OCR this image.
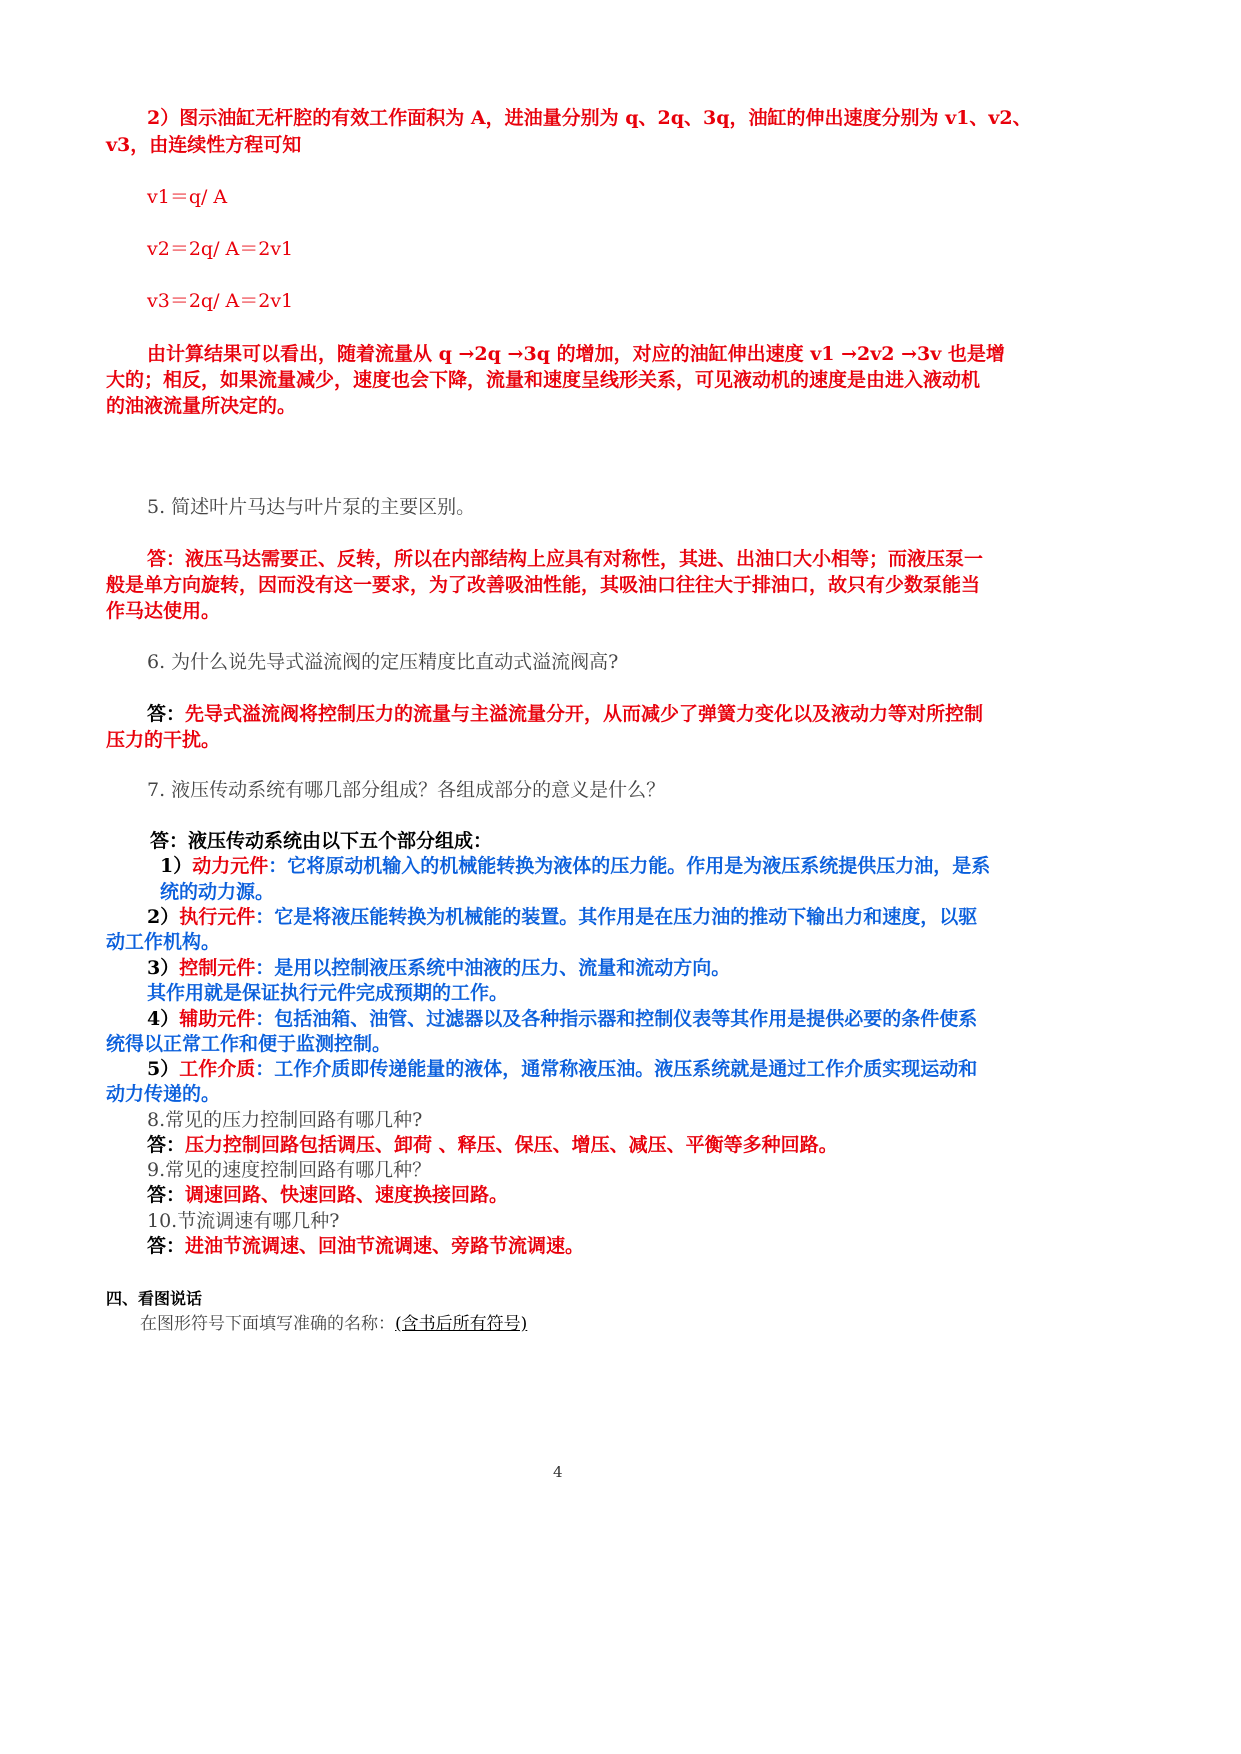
2）图示油缸无杆腔的有效工作面积为 A，进油量分别为 q、2q、3q，油缸的伸出速度分别为 v1、v2、
v3，由连续性方程可知
v1＝q/ A
v2＝2q/ A＝2v1
v3＝2q/ A＝2v1
由计算结果可以看出，随着流量从 q →2q →3q 的增加，对应的油缸伸出速度 v1 →2v2 →3v 也是增
大的；相反，如果流量减少，速度也会下降，流量和速度呈线形关系，可见液动机的速度是由进入液动机
的油液流量所决定的。
5. 简述叶片马达与叶片泵的主要区别。
答：液压马达需要正、反转，所以在内部结构上应具有对称性，其进、出油口大小相等；而液压泵一
般是单方向旋转，因而没有这一要求，为了改善吸油性能，其吸油口往往大于排油口，故只有少数泵能当
作马达使用。
6. 为什么说先导式溢流阀的定压精度比直动式溢流阀高?
答：先导式溢流阀将控制压力的流量与主溢流量分开，从而减少了弹簧力变化以及液动力等对所控制
压力的干扰。
7. 液压传动系统有哪几部分组成？各组成部分的意义是什么？
答：液压传动系统由以下五个部分组成：
1）动力元件：它将原动机输入的机械能转换为液体的压力能。作用是为液压系统提供压力油，是系
统的动力源。
2）执行元件：它是将液压能转换为机械能的装置。其作用是在压力油的推动下输出力和速度，以驱
动工作机构。
3）控制元件：是用以控制液压系统中油液的压力、流量和流动方向。
其作用就是保证执行元件完成预期的工作。
4）辅助元件：包括油箱、油管、过滤器以及各种指示器和控制仪表等其作用是提供必要的条件使系
统得以正常工作和便于监测控制。
5）工作介质：工作介质即传递能量的液体，通常称液压油。液压系统就是通过工作介质实现运动和
动力传递的。
8.常见的压力控制回路有哪几种?
答：压力控制回路包括调压、卸荷 、释压、保压、增压、减压、平衡等多种回路。
9.常见的速度控制回路有哪几种？
答：调速回路、快速回路、速度换接回路。
10.节流调速有哪几种?
答：进油节流调速、回油节流调速、旁路节流调速。
四、看图说话
在图形符号下面填写准确的名称：(含书后所有符号)
4
